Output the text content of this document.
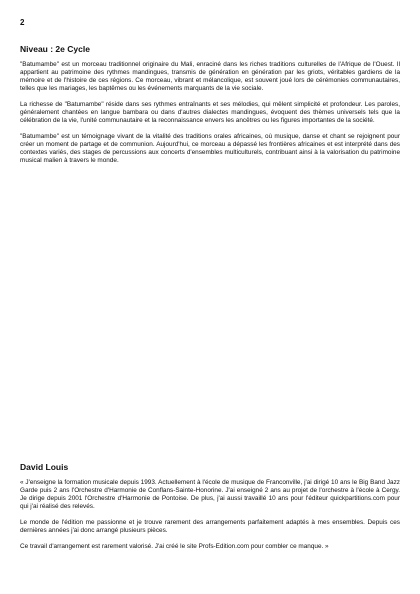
2
Niveau : 2e Cycle

"Batumambe" est un morceau traditionnel originaire du Mali, enraciné dans les riches traditions culturelles de l'Afrique de l'Ouest. Il appartient au patrimoine des rythmes mandingues, transmis de génération en génération par les griots, véritables gardiens de la mémoire et de l'histoire de ces régions. Ce morceau, vibrant et mélancolique, est souvent joué lors de cérémonies communautaires, telles que les mariages, les baptêmes ou les événements marquants de la vie sociale.

La richesse de "Batumambe" réside dans ses rythmes entraînants et ses mélodies, qui mêlent simplicité et profondeur. Les paroles, généralement chantées en langue bambara ou dans d'autres dialectes mandingues, évoquent des thèmes universels tels que la célébration de la vie, l'unité communautaire et la reconnaissance envers les ancêtres ou les figures importantes de la société.

"Batumambe" est un témoignage vivant de la vitalité des traditions orales africaines, où musique, danse et chant se rejoignent pour créer un moment de partage et de communion. Aujourd'hui, ce morceau a dépassé les frontières africaines et est interprété dans des contextes variés, des stages de percussions aux concerts d'ensembles multiculturels, contribuant ainsi à la valorisation du patrimoine musical malien à travers le monde.

David Louis

« J'enseigne la formation musicale depuis 1993. Actuellement à l'école de musique de Franconville, j'ai dirigé 10 ans le Big Band Jazz Garde puis 2 ans l'Orchestre d'Harmonie de Conflans-Sainte-Honorine. J'ai enseigné 2 ans au projet de l'orchestre à l'école à Cergy. Je dirige depuis 2001 l'Orchestre d'Harmonie de Pontoise. De plus, j'ai aussi travaillé 10 ans pour l'éditeur quickpartitions.com pour qui j'ai réalisé des relevés.

Le monde de l'édition me passionne et je trouve rarement des arrangements parfaitement adaptés à mes ensembles. Depuis ces dernières années j'ai donc arrangé plusieurs pièces.

Ce travail d'arrangement est rarement valorisé. J'ai créé le site Profs-Edition.com pour combler ce manque. »
